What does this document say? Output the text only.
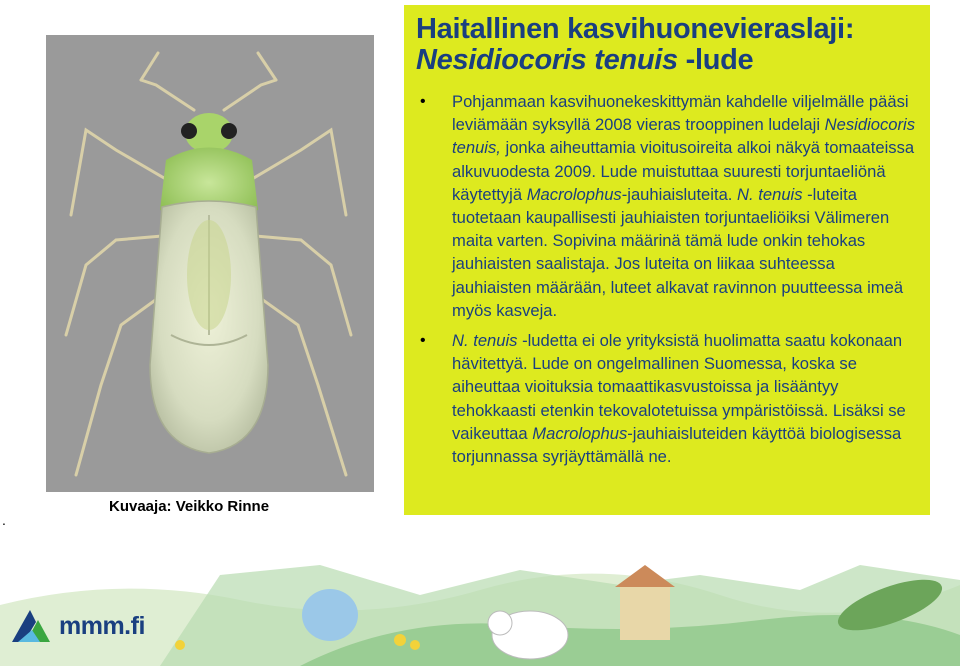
.
Kuvaaja: Veikko Rinne
Haitallinen kasvihuonevieraslaji:
Nesidiocoris tenuis -lude
• Pohjanmaan kasvihuonekeskittymän kahdelle viljelmälle pääsi leviämään syksyllä 2008 vieras trooppinen ludelaji Nesidiocoris tenuis, jonka aiheuttamia vioitusoireita alkoi näkyä tomaateissa alkuvuodesta 2009. Lude muistuttaa suuresti torjuntaeliönä käytettyjä Macrolophus-jauhiaisluteita. N. tenuis -luteita tuotetaan kaupallisesti jauhiaisten torjuntaeliöiksi Välimeren maita varten. Sopivina määrinä tämä lude onkin tehokas jauhiaisten saalistaja. Jos luteita on liikaa suhteessa jauhiaisten määrään, luteet alkavat ravinnon puutteessa imeä myös kasveja.
• N. tenuis -ludetta ei ole yrityksistä huolimatta saatu kokonaan hävitettyä. Lude on ongelmallinen Suomessa, koska se aiheuttaa vioituksia tomaattikasvustoissa ja lisääntyy tehokkaasti etenkin tekovalotetuissa ympäristöissä. Lisäksi se vaikeuttaa Macrolophus-jauhiaisluteiden käyttöä biologisessa torjunnassa syrjäyttämällä ne.
mmm.fi
